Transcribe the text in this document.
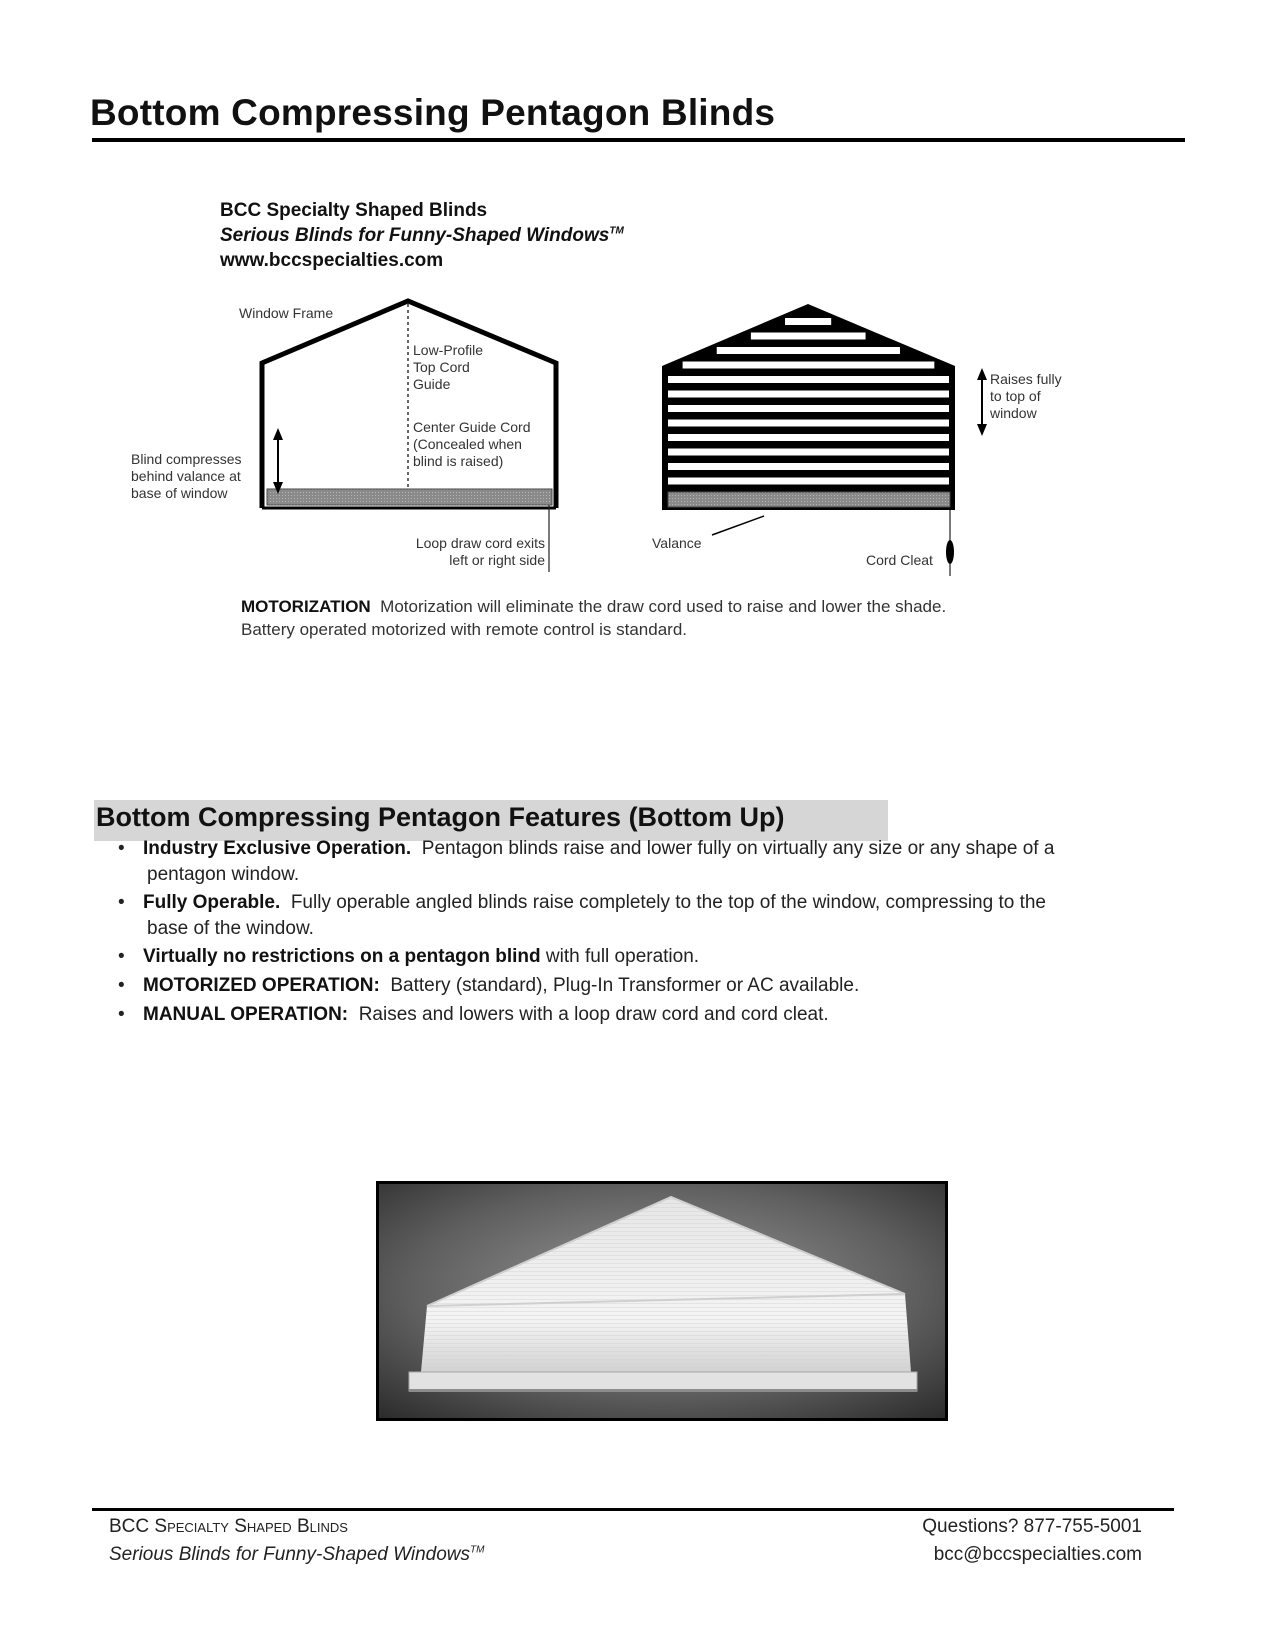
Bottom Compressing Pentagon Blinds
BCC Specialty Shaped Blinds
Serious Blinds for Funny-Shaped Windows™
www.bccspecialties.com
Window Frame
Low-Profile
Top Cord
Guide
Center Guide Cord
(Concealed when
blind is raised)
Blind compresses
behind valance at
base of window
Loop draw cord exits
left or right side
Valance
Cord Cleat
Raises fully
to top of
window
MOTORIZATION Motorization will eliminate the draw cord used to raise and lower the shade.
Battery operated motorized with remote control is standard.
Bottom Compressing Pentagon Features (Bottom Up)
• Industry Exclusive Operation. Pentagon blinds raise and lower fully on virtually any size or any shape of a
pentagon window.
• Fully Operable. Fully operable angled blinds raise completely to the top of the window, compressing to the
base of the window.
• Virtually no restrictions on a pentagon blind with full operation.
• MOTORIZED OPERATION: Battery (standard), Plug-In Transformer or AC available.
• MANUAL OPERATION: Raises and lowers with a loop draw cord and cord cleat.
BCC Specialty Shaped Blinds
Serious Blinds for Funny-Shaped Windows™
Questions? 877-755-5001
bcc@bccspecialties.com
